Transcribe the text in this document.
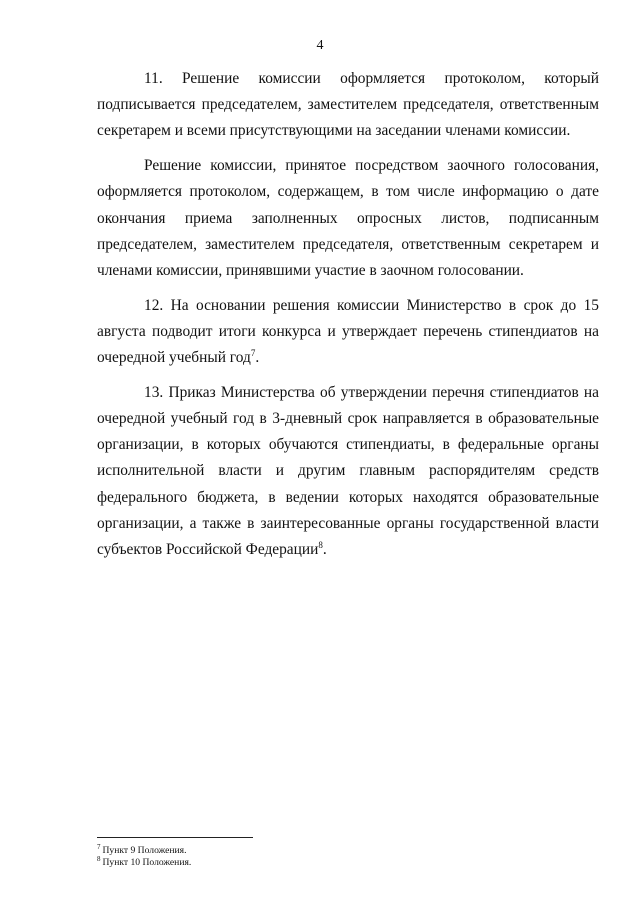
4

11. Решение комиссии оформляется протоколом, который подписывается председателем, заместителем председателя, ответственным секретарем и всеми присутствующими на заседании членами комиссии.

Решение комиссии, принятое посредством заочного голосования, оформляется протоколом, содержащем, в том числе информацию о дате окончания приема заполненных опросных листов, подписанным председателем, заместителем председателя, ответственным секретарем и членами комиссии, принявшими участие в заочном голосовании.

12. На основании решения комиссии Министерство в срок до 15 августа подводит итоги конкурса и утверждает перечень стипендиатов на очередной учебный год$^7$.

13. Приказ Министерства об утверждении перечня стипендиатов на очередной учебный год в 3-дневный срок направляется в образовательные организации, в которых обучаются стипендиаты, в федеральные органы исполнительной власти и другим главным распорядителям средств федерального бюджета, в ведении которых находятся образовательные организации, а также в заинтересованные органы государственной власти субъектов Российской Федерации$^8$.

$^7$ Пункт 9 Положения.

$^8$ Пункт 10 Положения.
